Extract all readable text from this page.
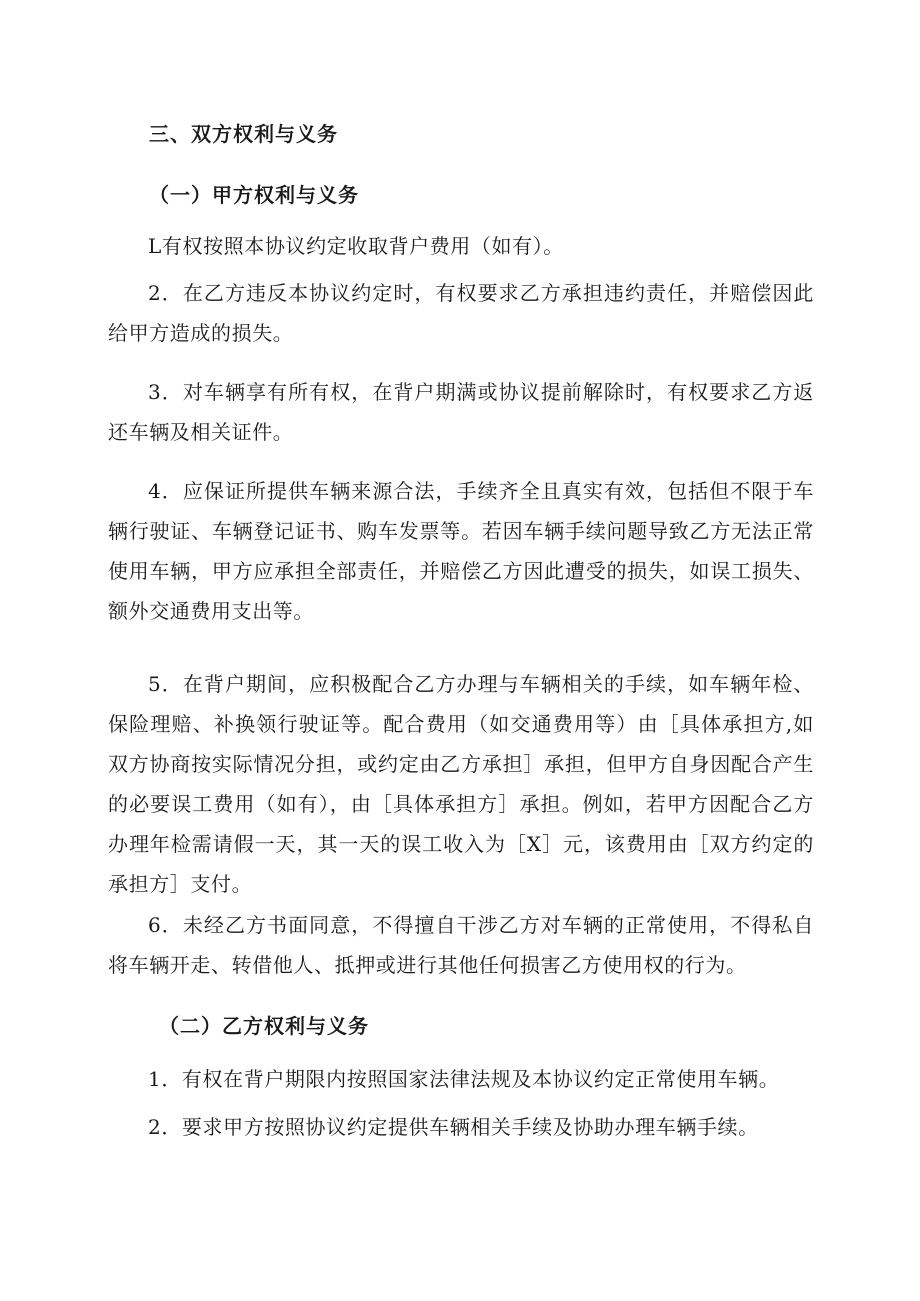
三、双方权利与义务
（一）甲方权利与义务

L有权按照本协议约定收取背户费用（如有）。

2．在乙方违反本协议约定时，有权要求乙方承担违约责任，并赔偿因此给甲方造成的损失。

3．对车辆享有所有权，在背户期满或协议提前解除时，有权要求乙方返还车辆及相关证件。

4．应保证所提供车辆来源合法，手续齐全且真实有效，包括但不限于车辆行驶证、车辆登记证书、购车发票等。若因车辆手续问题导致乙方无法正常使用车辆，甲方应承担全部责任，并赔偿乙方因此遭受的损失，如误工损失、额外交通费用支出等。

5．在背户期间，应积极配合乙方办理与车辆相关的手续，如车辆年检、保险理赔、补换领行驶证等。配合费用（如交通费用等）由［具体承担方,如双方协商按实际情况分担，或约定由乙方承担］承担，但甲方自身因配合产生的必要误工费用（如有），由［具体承担方］承担。例如，若甲方因配合乙方办理年检需请假一天，其一天的误工收入为［X］元，该费用由［双方约定的承担方］支付。

6．未经乙方书面同意，不得擅自干涉乙方对车辆的正常使用，不得私自将车辆开走、转借他人、抵押或进行其他任何损害乙方使用权的行为。

（二）乙方权利与义务

1．有权在背户期限内按照国家法律法规及本协议约定正常使用车辆。

2．要求甲方按照协议约定提供车辆相关手续及协助办理车辆手续。
